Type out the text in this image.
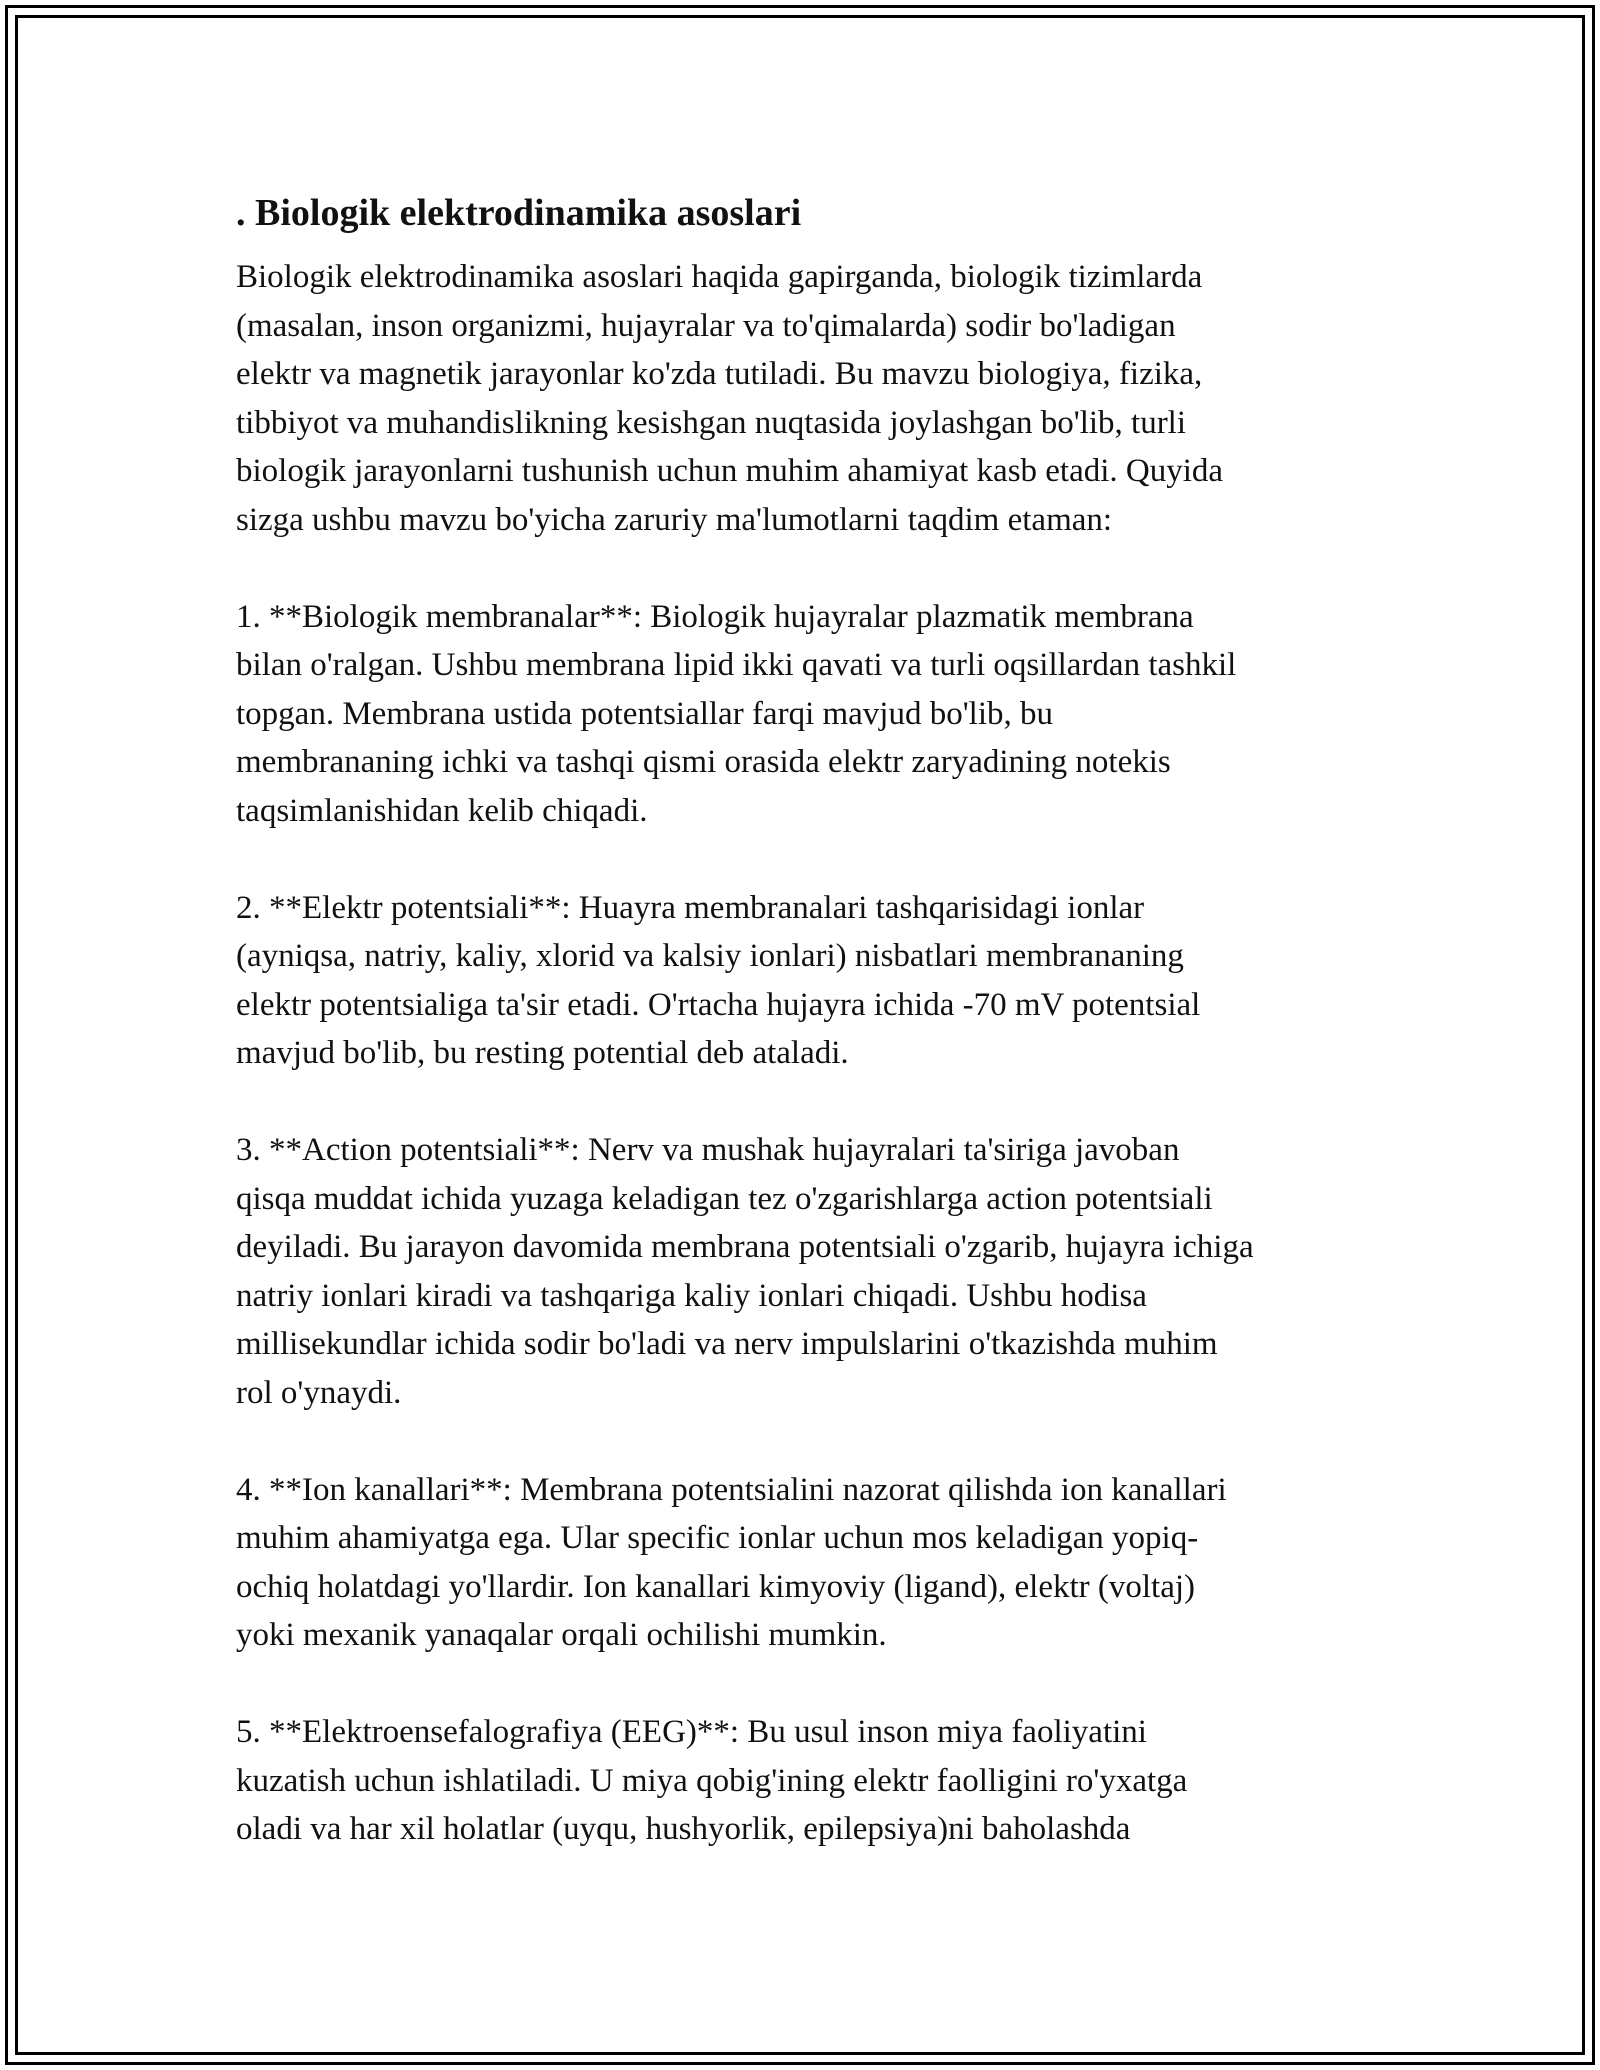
. Biologik elektrodinamika asoslari

Biologik elektrodinamika asoslari haqida gapirganda, biologik tizimlarda
(masalan, inson organizmi, hujayralar va to'qimalarda) sodir bo'ladigan
elektr va magnetik jarayonlar ko'zda tutiladi. Bu mavzu biologiya, fizika,
tibbiyot va muhandislikning kesishgan nuqtasida joylashgan bo'lib, turli
biologik jarayonlarni tushunish uchun muhim ahamiyat kasb etadi. Quyida
sizga ushbu mavzu bo'yicha zaruriy ma'lumotlarni taqdim etaman:

1. **Biologik membranalar**: Biologik hujayralar plazmatik membrana
bilan o'ralgan. Ushbu membrana lipid ikki qavati va turli oqsillardan tashkil
topgan. Membrana ustida potentsiallar farqi mavjud bo'lib, bu
membrananing ichki va tashqi qismi orasida elektr zaryadining notekis
taqsimlanishidan kelib chiqadi.

2. **Elektr potentsiali**: Huayra membranalari tashqarisidagi ionlar
(ayniqsa, natriy, kaliy, xlorid va kalsiy ionlari) nisbatlari membrananing
elektr potentsialiga ta'sir etadi. O'rtacha hujayra ichida -70 mV potentsial
mavjud bo'lib, bu resting potential deb ataladi.

3. **Action potentsiali**: Nerv va mushak hujayralari ta'siriga javoban
qisqa muddat ichida yuzaga keladigan tez o'zgarishlarga action potentsiali
deyiladi. Bu jarayon davomida membrana potentsiali o'zgarib, hujayra ichiga
natriy ionlari kiradi va tashqariga kaliy ionlari chiqadi. Ushbu hodisa
millisekundlar ichida sodir bo'ladi va nerv impulslarini o'tkazishda muhim
rol o'ynaydi.

4. **Ion kanallari**: Membrana potentsialini nazorat qilishda ion kanallari
muhim ahamiyatga ega. Ular specific ionlar uchun mos keladigan yopiq-
ochiq holatdagi yo'llardir. Ion kanallari kimyoviy (ligand), elektr (voltaj)
yoki mexanik yanaqalar orqali ochilishi mumkin.

5. **Elektroensefalografiya (EEG)**: Bu usul inson miya faoliyatini
kuzatish uchun ishlatiladi. U miya qobig'ining elektr faolligini ro'yxatga
oladi va har xil holatlar (uyqu, hushyorlik, epilepsiya)ni baholashda
